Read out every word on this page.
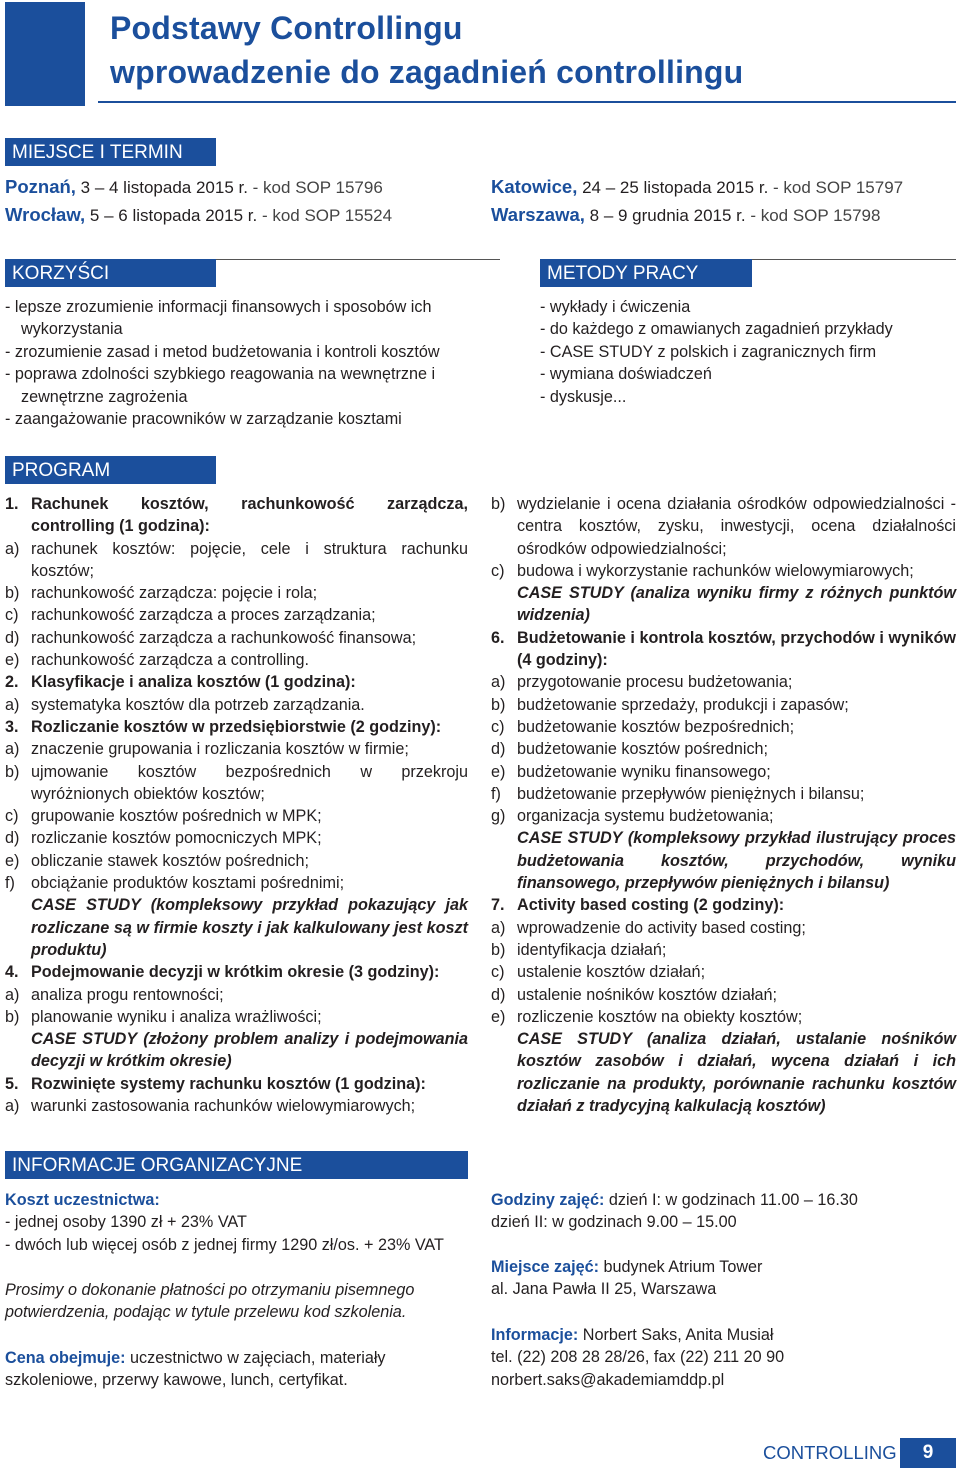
Podstawy Controllingu
wprowadzenie do zagadnień controllingu
MIEJSCE I TERMIN
Poznań, 3 – 4 listopada 2015 r. - kod SOP 15796
Wrocław, 5 – 6 listopada 2015 r. - kod SOP 15524
Katowice, 24 – 25 listopada 2015 r. - kod SOP 15797
Warszawa, 8 – 9 grudnia 2015 r. - kod SOP 15798
KORZYŚCI
- lepsze zrozumienie informacji finansowych i sposobów ich wykorzystania
- zrozumienie zasad i metod budżetowania i kontroli kosztów
- poprawa zdolności szybkiego reagowania na wewnętrzne i zewnętrzne zagrożenia
- zaangażowanie pracowników w zarządzanie kosztami
METODY PRACY
- wykłady i ćwiczenia
- do każdego z omawianych zagadnień przykłady
- CASE STUDY z polskich i zagranicznych firm
- wymiana doświadczeń
- dyskusje...
PROGRAM
1. Rachunek kosztów, rachunkowość zarządcza, controlling (1 godzina):
a) rachunek kosztów: pojęcie, cele i struktura rachunku kosztów;
b) rachunkowość zarządcza: pojęcie i rola;
c) rachunkowość zarządcza a proces zarządzania;
d) rachunkowość zarządcza a rachunkowość finansowa;
e) rachunkowość zarządcza a controlling.
2. Klasyfikacje i analiza kosztów (1 godzina):
a) systematyka kosztów dla potrzeb zarządzania.
3. Rozliczanie kosztów w przedsiębiorstwie (2 godziny):
a) znaczenie grupowania i rozliczania kosztów w firmie;
b) ujmowanie kosztów bezpośrednich w przekroju wyróżnionych obiektów kosztów;
c) grupowanie kosztów pośrednich w MPK;
d) rozliczanie kosztów pomocniczych MPK;
e) obliczanie stawek kosztów pośrednich;
f) obciążanie produktów kosztami pośrednimi;
CASE STUDY (kompleksowy przykład pokazujący jak rozliczane są w firmie koszty i jak kalkulowany jest koszt produktu)
4. Podejmowanie decyzji w krótkim okresie (3 godziny):
a) analiza progu rentowności;
b) planowanie wyniku i analiza wrażliwości;
CASE STUDY (złożony problem analizy i podejmowania decyzji w krótkim okresie)
5. Rozwinięte systemy rachunku kosztów (1 godzina):
a) warunki zastosowania rachunków wielowymiarowych;
b) wydzielanie i ocena działania ośrodków odpowiedzialności - centra kosztów, zysku, inwestycji, ocena działalności ośrodków odpowiedzialności;
c) budowa i wykorzystanie rachunków wielowymiarowych;
CASE STUDY (analiza wyniku firmy z różnych punktów widzenia)
6. Budżetowanie i kontrola kosztów, przychodów i wyników (4 godziny):
a) przygotowanie procesu budżetowania;
b) budżetowanie sprzedaży, produkcji i zapasów;
c) budżetowanie kosztów bezpośrednich;
d) budżetowanie kosztów pośrednich;
e) budżetowanie wyniku finansowego;
f) budżetowanie przepływów pieniężnych i bilansu;
g) organizacja systemu budżetowania;
CASE STUDY (kompleksowy przykład ilustrujący proces budżetowania kosztów, przychodów, wyniku finansowego, przepływów pieniężnych i bilansu)
7. Activity based costing (2 godziny):
a) wprowadzenie do activity based costing;
b) identyfikacja działań;
c) ustalenie kosztów działań;
d) ustalenie nośników kosztów działań;
e) rozliczenie kosztów na obiekty kosztów;
CASE STUDY (analiza działań, ustalanie nośników kosztów zasobów i działań, wycena działań i ich rozliczanie na produkty, porównanie rachunku kosztów działań z tradycyjną kalkulacją kosztów)
INFORMACJE ORGANIZACYJNE
Koszt uczestnictwa:
- jednej osoby 1390 zł + 23% VAT
- dwóch lub więcej osób z jednej firmy 1290 zł/os. + 23% VAT
Prosimy o dokonanie płatności po otrzymaniu pisemnego
potwierdzenia, podając w tytule przelewu kod szkolenia.
Cena obejmuje: uczestnictwo w zajęciach, materiały
szkoleniowe, przerwy kawowe, lunch, certyfikat.
Godziny zajęć: dzień I: w godzinach 11.00 – 16.30
dzień II: w godzinach 9.00 – 15.00
Miejsce zajęć: budynek Atrium Tower
al. Jana Pawła II 25, Warszawa
Informacje: Norbert Saks, Anita Musiał
tel. (22) 208 28 28/26, fax (22) 211 20 90
norbert.saks@akademiamddp.pl
CONTROLLING	9
